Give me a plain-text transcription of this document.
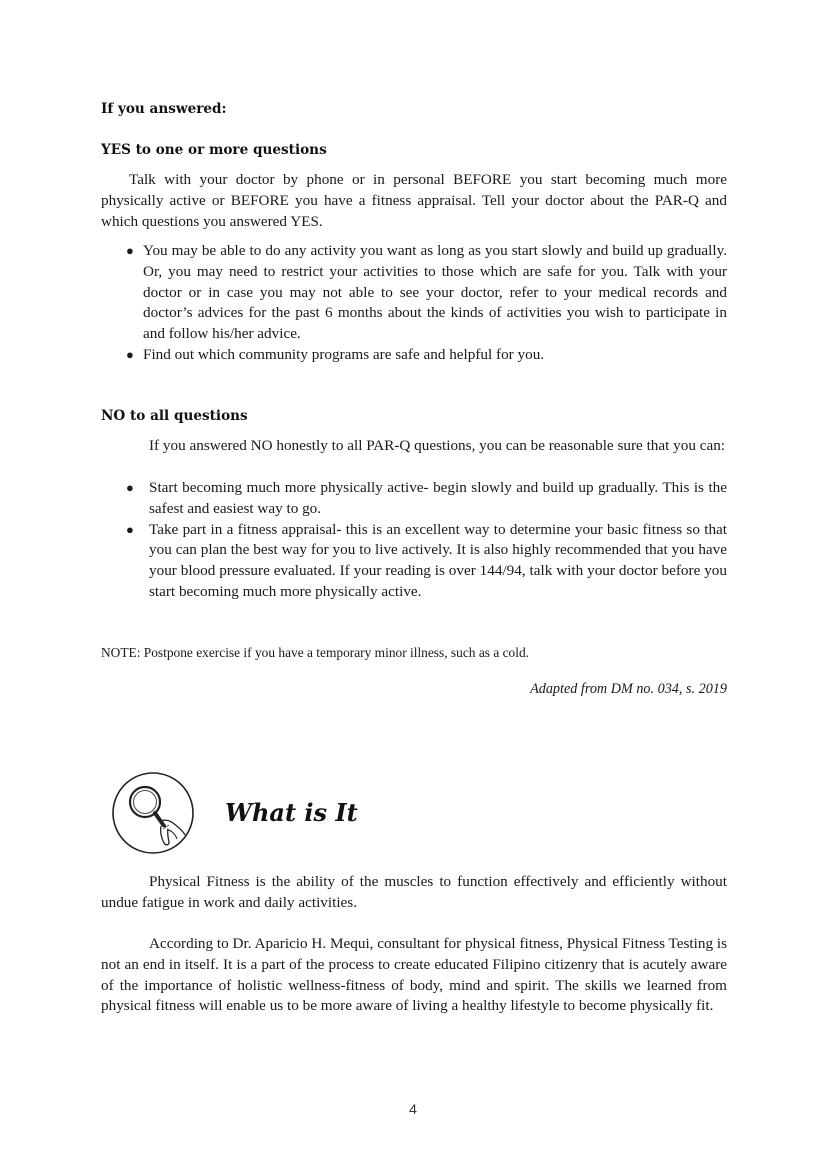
If you answered:
YES to one or more questions
Talk with your doctor by phone or in personal BEFORE you start becoming much more physically active or BEFORE you have a fitness appraisal. Tell your doctor about the PAR-Q and which questions you answered YES.
● You may be able to do any activity you want as long as you start slowly and build up gradually. Or, you may need to restrict your activities to those which are safe for you. Talk with your doctor or in case you may not able to see your doctor, refer to your medical records and doctor’s advices for the past 6 months about the kinds of activities you wish to participate in and follow his/her advice.
● Find out which community programs are safe and helpful for you.
NO to all questions
If you answered NO honestly to all PAR-Q questions, you can be reasonable sure that you can:
● Start becoming much more physically active- begin slowly and build up gradually. This is the safest and easiest way to go.
● Take part in a fitness appraisal- this is an excellent way to determine your basic fitness so that you can plan the best way for you to live actively. It is also highly recommended that you have your blood pressure evaluated. If your reading is over 144/94, talk with your doctor before you start becoming much more physically active.
NOTE: Postpone exercise if you have a temporary minor illness, such as a cold.
Adapted from DM no. 034, s. 2019
What is It
Physical Fitness is the ability of the muscles to function effectively and efficiently without undue fatigue in work and daily activities.
According to Dr. Aparicio H. Mequi, consultant for physical fitness, Physical Fitness Testing is not an end in itself. It is a part of the process to create educated Filipino citizenry that is acutely aware of the importance of holistic wellness-fitness of body, mind and spirit. The skills we learned from physical fitness will enable us to be more aware of living a healthy lifestyle to become physically fit.
4
